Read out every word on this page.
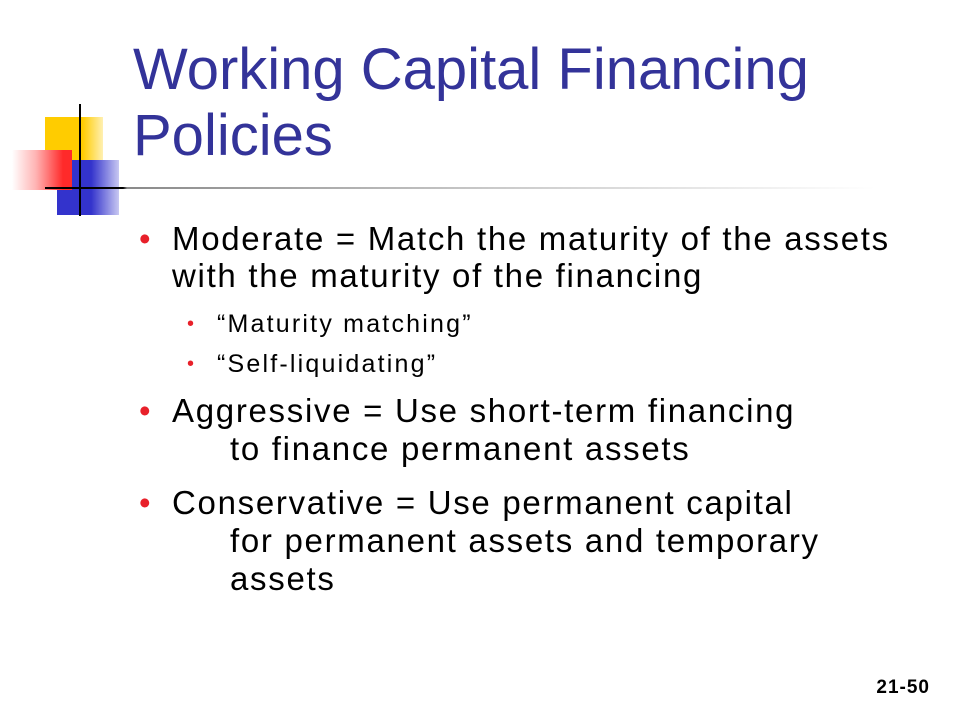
Working Capital Financing Policies
• Moderate = Match the maturity of the assets
with the maturity of the financing
• “Maturity matching”
• “Self-liquidating”
• Aggressive = Use short-term financing
to finance permanent assets
• Conservative = Use permanent capital
for permanent assets and temporary
assets
21-50
